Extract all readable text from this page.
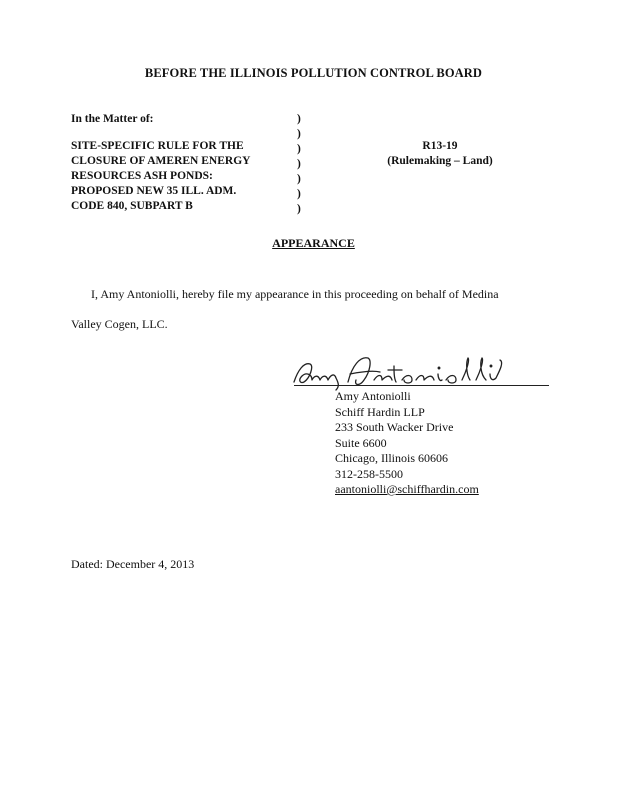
BEFORE THE ILLINOIS POLLUTION CONTROL BOARD
In the Matter of:
SITE-SPECIFIC RULE FOR THE
CLOSURE OF AMEREN ENERGY
RESOURCES ASH PONDS:
PROPOSED NEW 35 ILL. ADM.
CODE 840, SUBPART B
)
)
)
)
)
)
)
R13-19
(Rulemaking – Land)
APPEARANCE
I, Amy Antoniolli, hereby file my appearance in this proceeding on behalf of Medina
Valley Cogen, LLC.
Amy Antoniolli
Schiff Hardin LLP
233 South Wacker Drive
Suite 6600
Chicago, Illinois 60606
312-258-5500
aantoniolli@schiffhardin.com
Dated: December 4, 2013
